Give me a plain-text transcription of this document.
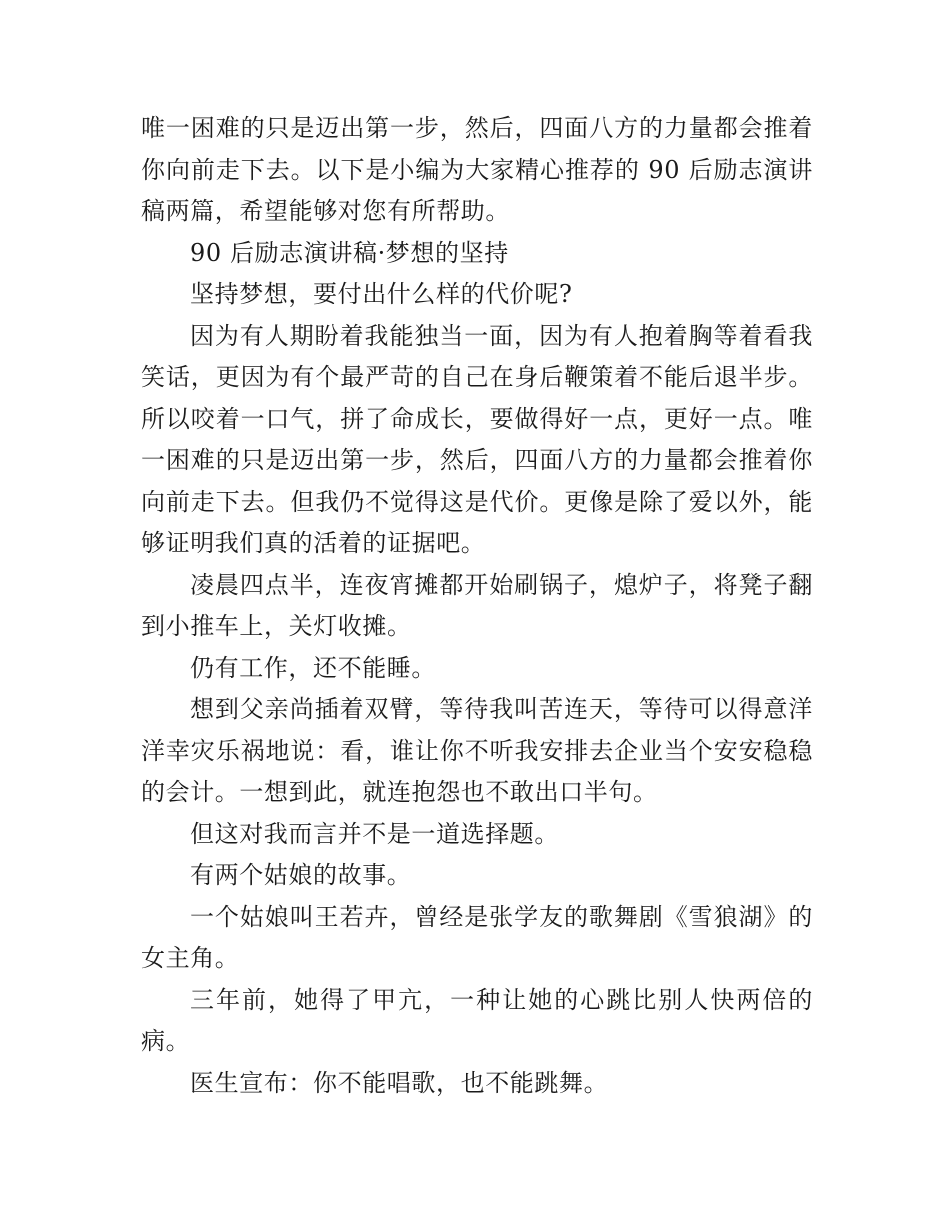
唯一困难的只是迈出第一步，然后，四面八方的力量都会推着你向前走下去。以下是小编为大家精心推荐的 90 后励志演讲稿两篇，希望能够对您有所帮助。

90 后励志演讲稿·梦想的坚持

坚持梦想，要付出什么样的代价呢?

因为有人期盼着我能独当一面，因为有人抱着胸等着看我笑话，更因为有个最严苛的自己在身后鞭策着不能后退半步。所以咬着一口气，拼了命成长，要做得好一点，更好一点。唯一困难的只是迈出第一步，然后，四面八方的力量都会推着你向前走下去。但我仍不觉得这是代价。更像是除了爱以外，能够证明我们真的活着的证据吧。

凌晨四点半，连夜宵摊都开始刷锅子，熄炉子，将凳子翻到小推车上，关灯收摊。

仍有工作，还不能睡。

想到父亲尚插着双臂，等待我叫苦连天，等待可以得意洋洋幸灾乐祸地说：看，谁让你不听我安排去企业当个安安稳稳的会计。一想到此，就连抱怨也不敢出口半句。

但这对我而言并不是一道选择题。

有两个姑娘的故事。

一个姑娘叫王若卉，曾经是张学友的歌舞剧《雪狼湖》的女主角。

三年前，她得了甲亢，一种让她的心跳比别人快两倍的病。

医生宣布：你不能唱歌，也不能跳舞。
